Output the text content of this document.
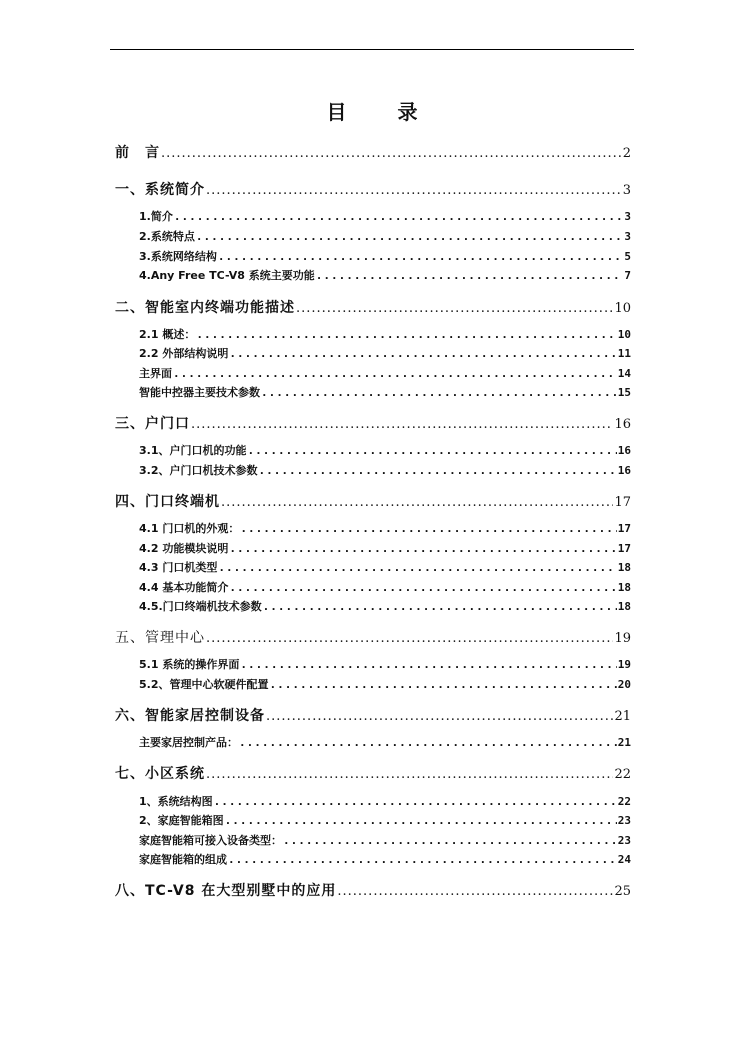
目 录
前　言 .....	2
一、系统简介 .....	3
1.简介 .....	3
2.系统特点 .....	3
3.系统网络结构 .....	5
4.Any Free TC-V8 系统主要功能 .....	7
二、智能室内终端功能描述 .....	10
2.1 概述： .....	10
2.2 外部结构说明 .....	11
主界面 .....	14
智能中控器主要技术参数 .....	15
三、户门口 .....	16
3.1、户门口机的功能 .....	16
3.2、户门口机技术参数 .....	16
四、门口终端机 .....	17
4.1 门口机的外观： .....	17
4.2 功能模块说明 .....	17
4.3 门口机类型 .....	18
4.4 基本功能简介 .....	18
4.5.门口终端机技术参数 .....	18
五、管理中心 .....	19
5.1 系统的操作界面 .....	19
5.2、管理中心软硬件配置 .....	20
六、智能家居控制设备 .....	21
主要家居控制产品： .....	21
七、小区系统 .....	22
1、系统结构图 .....	22
2、家庭智能箱图 .....	23
家庭智能箱可接入设备类型： .....	23
家庭智能箱的组成 .....	24
八、TC-V8 在大型别墅中的应用 .....	25
